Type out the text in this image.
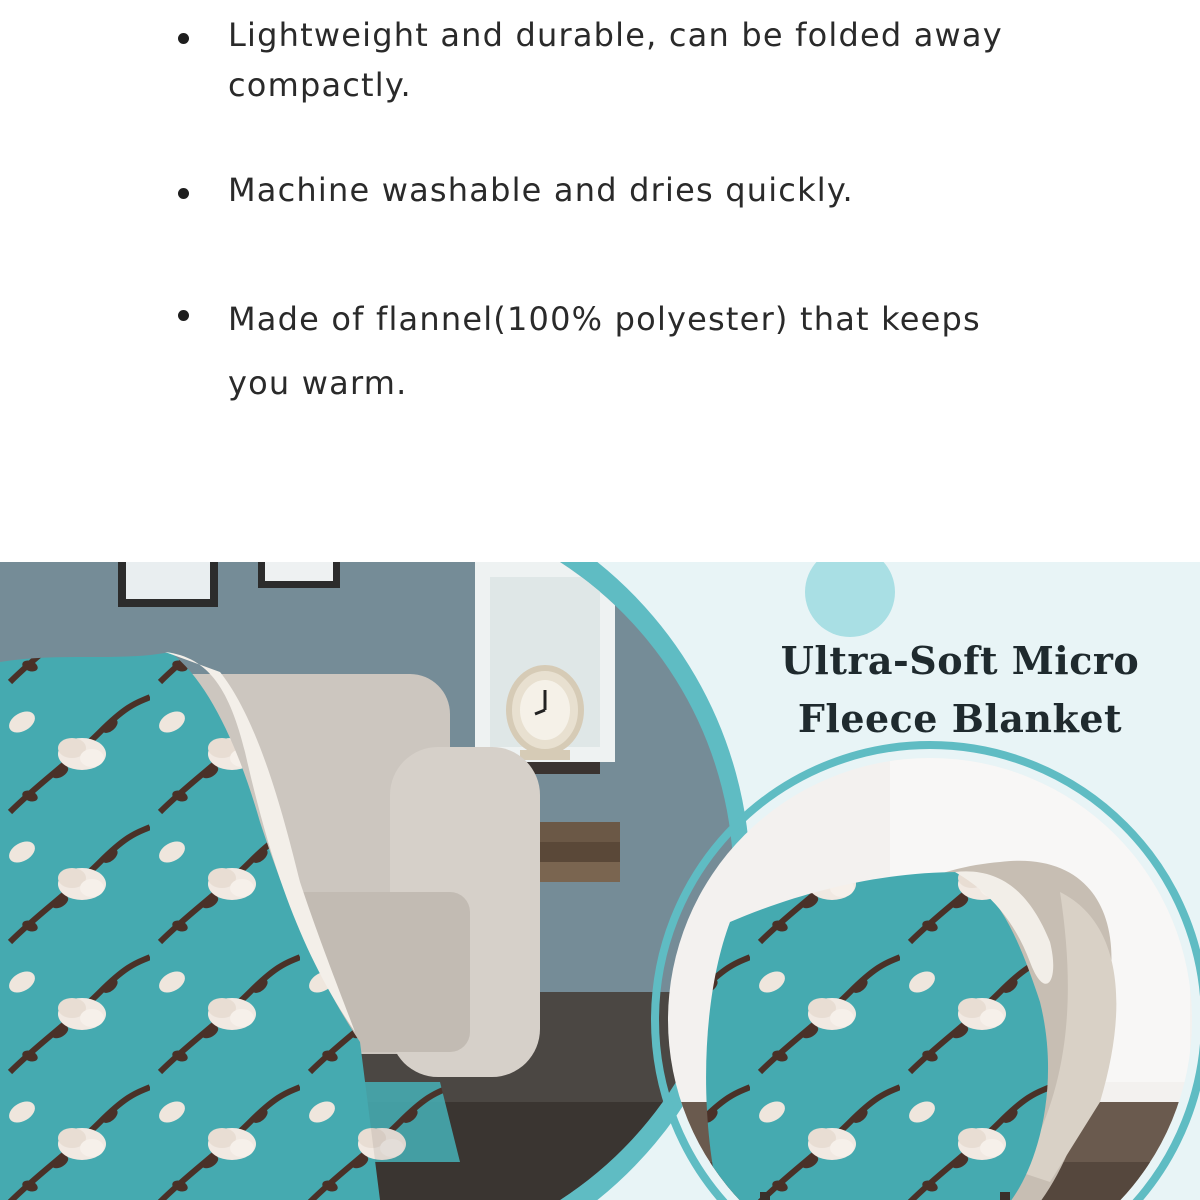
Lightweight and durable, can be folded away
compactly.
Machine washable and dries quickly.
Made of flannel(100% polyester) that keeps
you warm.
Ultra-Soft Micro
Fleece Blanket
